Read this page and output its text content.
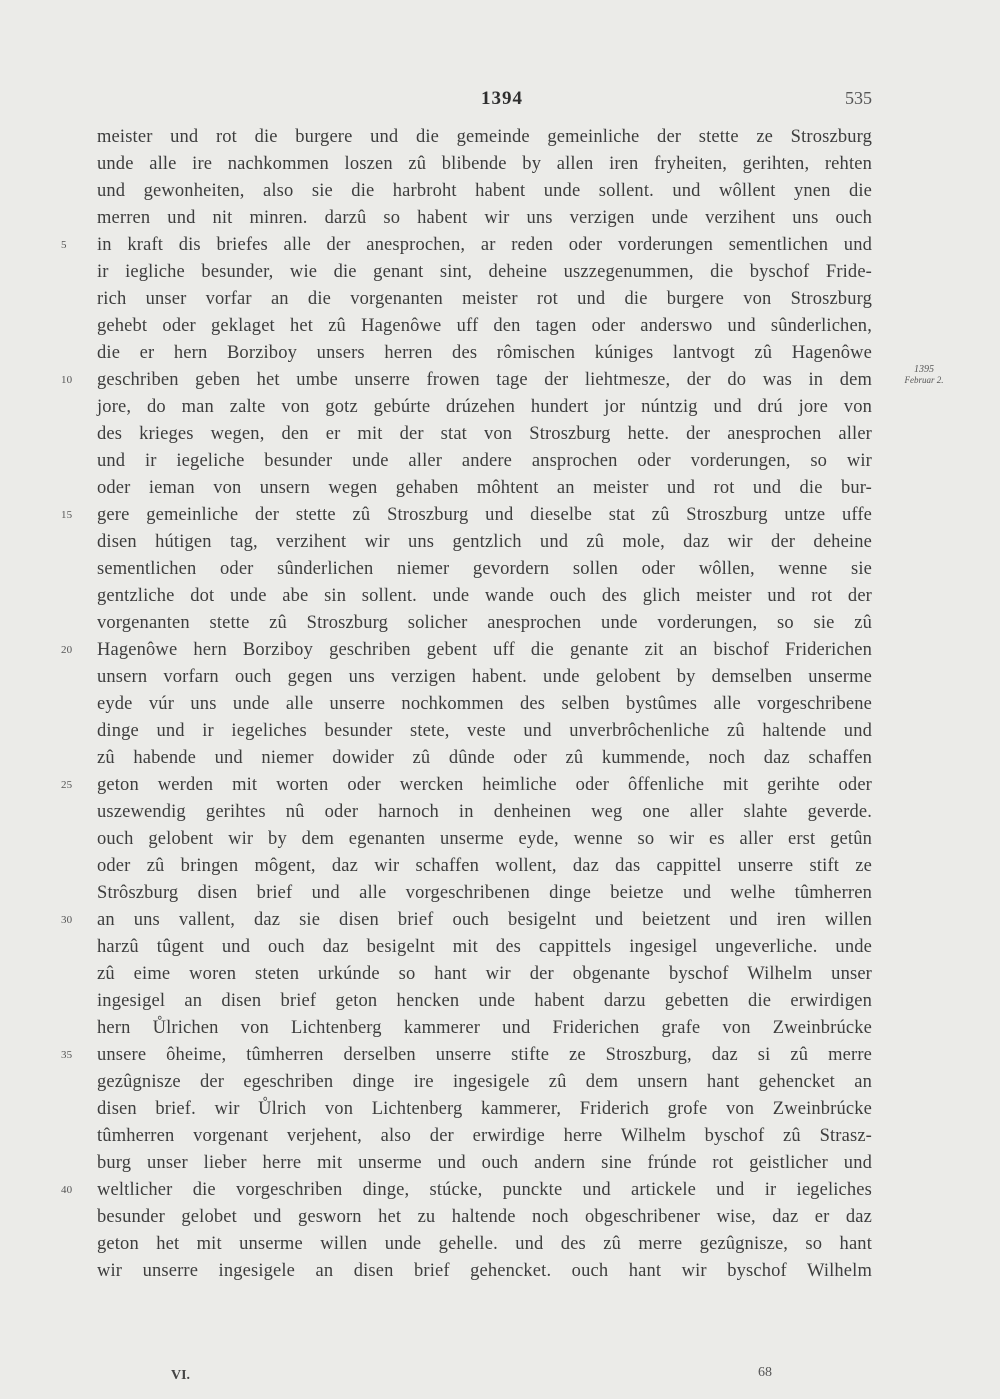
1394	535
1395
Februar 2.
meister und rot die burgere und die gemeinde gemeinliche der stette ze Stroszburg
unde alle ire nachkommen loszen zû blibende by allen iren fryheiten, gerihten, rehten
und gewonheiten, also sie die harbroht habent unde sollent. und wôllent ynen die
merren und nit minren. darzû so habent wir uns verzigen unde verzihent uns ouch
5	in kraft dis briefes alle der anesprochen, ar reden oder vorderungen sementlichen und
ir iegliche besunder, wie die genant sint, deheine uszzegenummen, die byschof Fride-
rich unser vorfar an die vorgenanten meister rot und die burgere von Stroszburg
gehebt oder geklaget het zû Hagenôwe uff den tagen oder anderswo und sûnderlichen,
die er hern Borziboy unsers herren des rômischen kúniges lantvogt zû Hagenôwe
10	geschriben geben het umbe unserre frowen tage der liehtmesze, der do was in dem
jore, do man zalte von gotz gebúrte drúzehen hundert jor núntzig und drú jore von
des krieges wegen, den er mit der stat von Stroszburg hette. der anesprochen aller
und ir iegeliche besunder unde aller andere ansprochen oder vorderungen, so wir
oder ieman von unsern wegen gehaben môhtent an meister und rot und die bur-
15	gere gemeinliche der stette zû Stroszburg und dieselbe stat zû Stroszburg untze uffe
disen hútigen tag, verzihent wir uns gentzlich und zû mole, daz wir der deheine
sementlichen oder sûnderlichen niemer gevordern sollen oder wôllen, wenne sie
gentzliche dot unde abe sin sollent. unde wande ouch des glich meister und rot der
vorgenanten stette zû Stroszburg solicher anesprochen unde vorderungen, so sie zû
20	Hagenôwe hern Borziboy geschriben gebent uff die genante zit an bischof Friderichen
unsern vorfarn ouch gegen uns verzigen habent. unde gelobent by demselben unserme
eyde vúr uns unde alle unserre nochkommen des selben bystûmes alle vorgeschribene
dinge und ir iegeliches besunder stete, veste und unverbrôchenliche zû haltende und
zû habende und niemer dowider zû dûnde oder zû kummende, noch daz schaffen
25	geton werden mit worten oder wercken heimliche oder ôffenliche mit gerihte oder
uszewendig gerihtes nû oder harnoch in denheinen weg one aller slahte geverde.
ouch gelobent wir by dem egenanten unserme eyde, wenne so wir es aller erst getûn
oder zû bringen môgent, daz wir schaffen wollent, daz das cappittel unserre stift ze
Strôszburg disen brief und alle vorgeschribenen dinge beietze und welhe tûmherren
30	an uns vallent, daz sie disen brief ouch besigelnt und beietzent und iren willen
harzû tûgent und ouch daz besigelnt mit des cappittels ingesigel ungeverliche. unde
zû eime woren steten urkúnde so hant wir der obgenante byschof Wilhelm unser
ingesigel an disen brief geton hencken unde habent darzu gebetten die erwirdigen
hern Ůlrichen von Lichtenberg kammerer und Friderichen grafe von Zweinbrúcke
35	unsere ôheime, tûmherren derselben unserre stifte ze Stroszburg, daz si zû merre
gezûgnisze der egeschriben dinge ire ingesigele zû dem unsern hant gehencket an
disen brief. wir Ůlrich von Lichtenberg kammerer, Friderich grofe von Zweinbrúcke
tûmherren vorgenant verjehent, also der erwirdige herre Wilhelm byschof zû Strasz-
burg unser lieber herre mit unserme und ouch andern sine frúnde rot geistlicher und
40	weltlicher die vorgeschriben dinge, stúcke, punckte und artickele und ir iegeliches
besunder gelobet und gesworn het zu haltende noch obgeschribener wise, daz er daz
geton het mit unserme willen unde gehelle. und des zû merre gezûgnisze, so hant
wir unserre ingesigele an disen brief gehencket. ouch hant wir byschof Wilhelm
VI.	68
